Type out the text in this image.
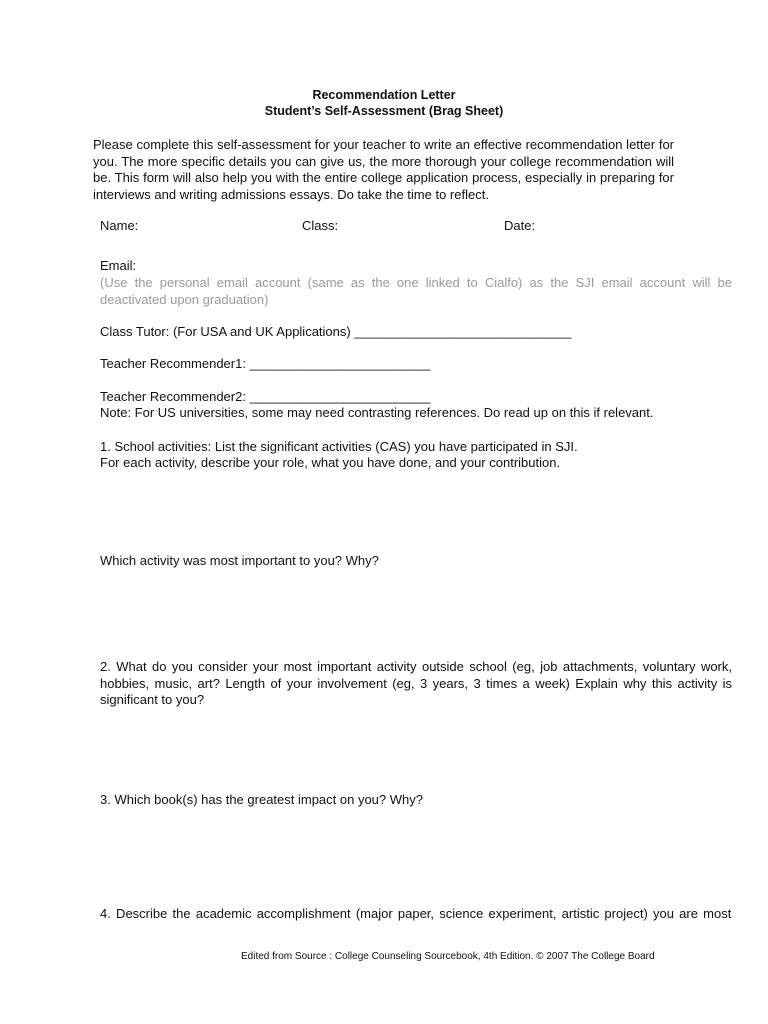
Recommendation Letter
Student’s Self-Assessment (Brag Sheet)
Please complete this self-assessment for your teacher to write an effective recommendation letter for you. The more specific details you can give us, the more thorough your college recommendation will be. This form will also help you with the entire college application process, especially in preparing for interviews and writing admissions essays. Do take the time to reflect.
Name:	Class:	Date:
Email:
(Use the personal email account (same as the one linked to Cialfo) as the SJI email account will be deactivated upon graduation)
Class Tutor: (For USA and UK Applications) ______________________________
Teacher Recommender1: _________________________
Teacher Recommender2: _________________________
Note: For US universities, some may need contrasting references. Do read up on this if relevant.
1. School activities: List the significant activities (CAS) you have participated in SJI.
For each activity, describe your role, what you have done, and your contribution.
Which activity was most important to you? Why?
2. What do you consider your most important activity outside school (eg, job attachments, voluntary work, hobbies, music, art? Length of your involvement (eg, 3 years, 3 times a week) Explain why this activity is significant to you?
3. Which book(s) has the greatest impact on you? Why?
4. Describe the academic accomplishment (major paper, science experiment, artistic project) you are most
Edited from Source : College Counseling Sourcebook, 4th Edition. © 2007 The College Board
